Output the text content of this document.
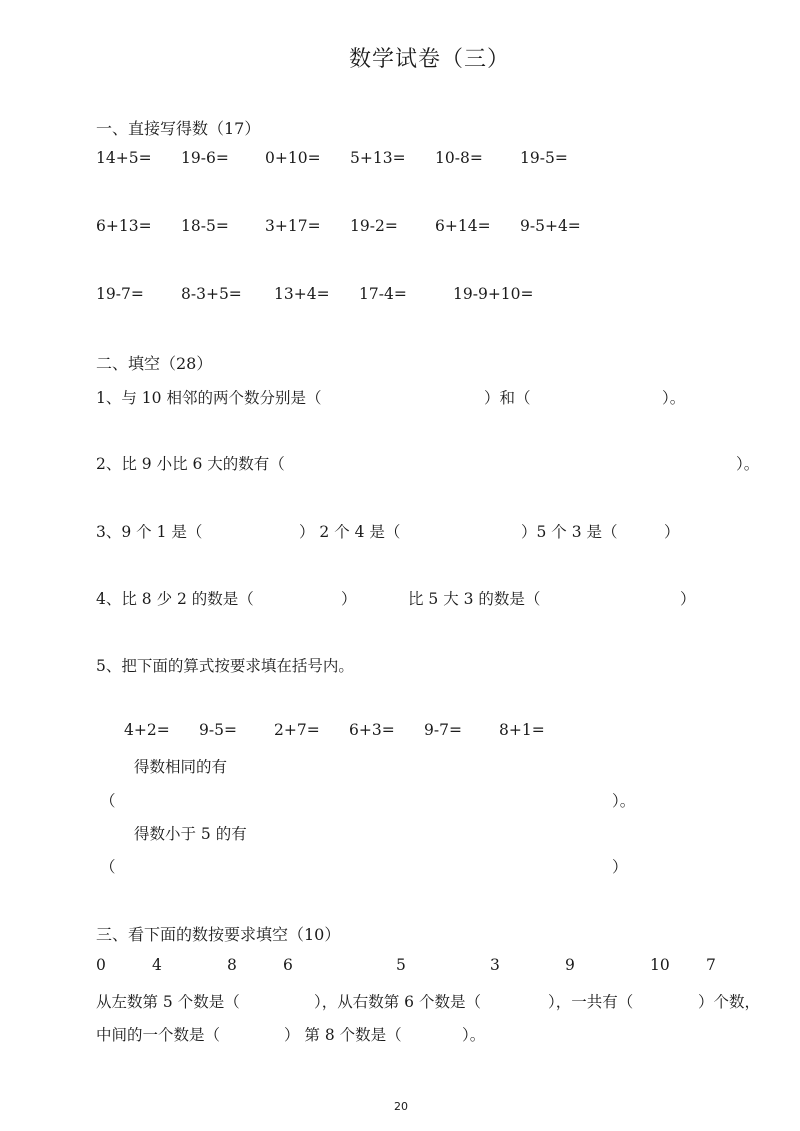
数学试卷（三）
一、直接写得数（17）
14+5= 19-6= 0+10= 5+13= 10-8= 19-5=
6+13= 18-5= 3+17= 19-2= 6+14= 9-5+4=
19-7= 8-3+5= 13+4= 17-4=	19-9+10=
二、填空（28）
1、与 10 相邻的两个数分别是（	）和（	）。
2、比 9 小比 6 大的数有（	）。
3、9 个 1 是（	） 2 个 4 是（	）5 个 3 是（	）
4、比 8 少 2 的数是（	）	比 5 大 3 的数是（	）
5、把下面的算式按要求填在括号内。
4+2= 9-5= 2+7= 6+3= 9-7= 8+1=
得数相同的有
（	）。
得数小于 5 的有
（	）
三、看下面的数按要求填空（10）
0	4	8	6	5	3	9	10 7
从左数第 5 个数是（	），从右数第 6 个数是（	），一共有（	）个数，
中间的一个数是（	） 第 8 个数是（	）。
20
